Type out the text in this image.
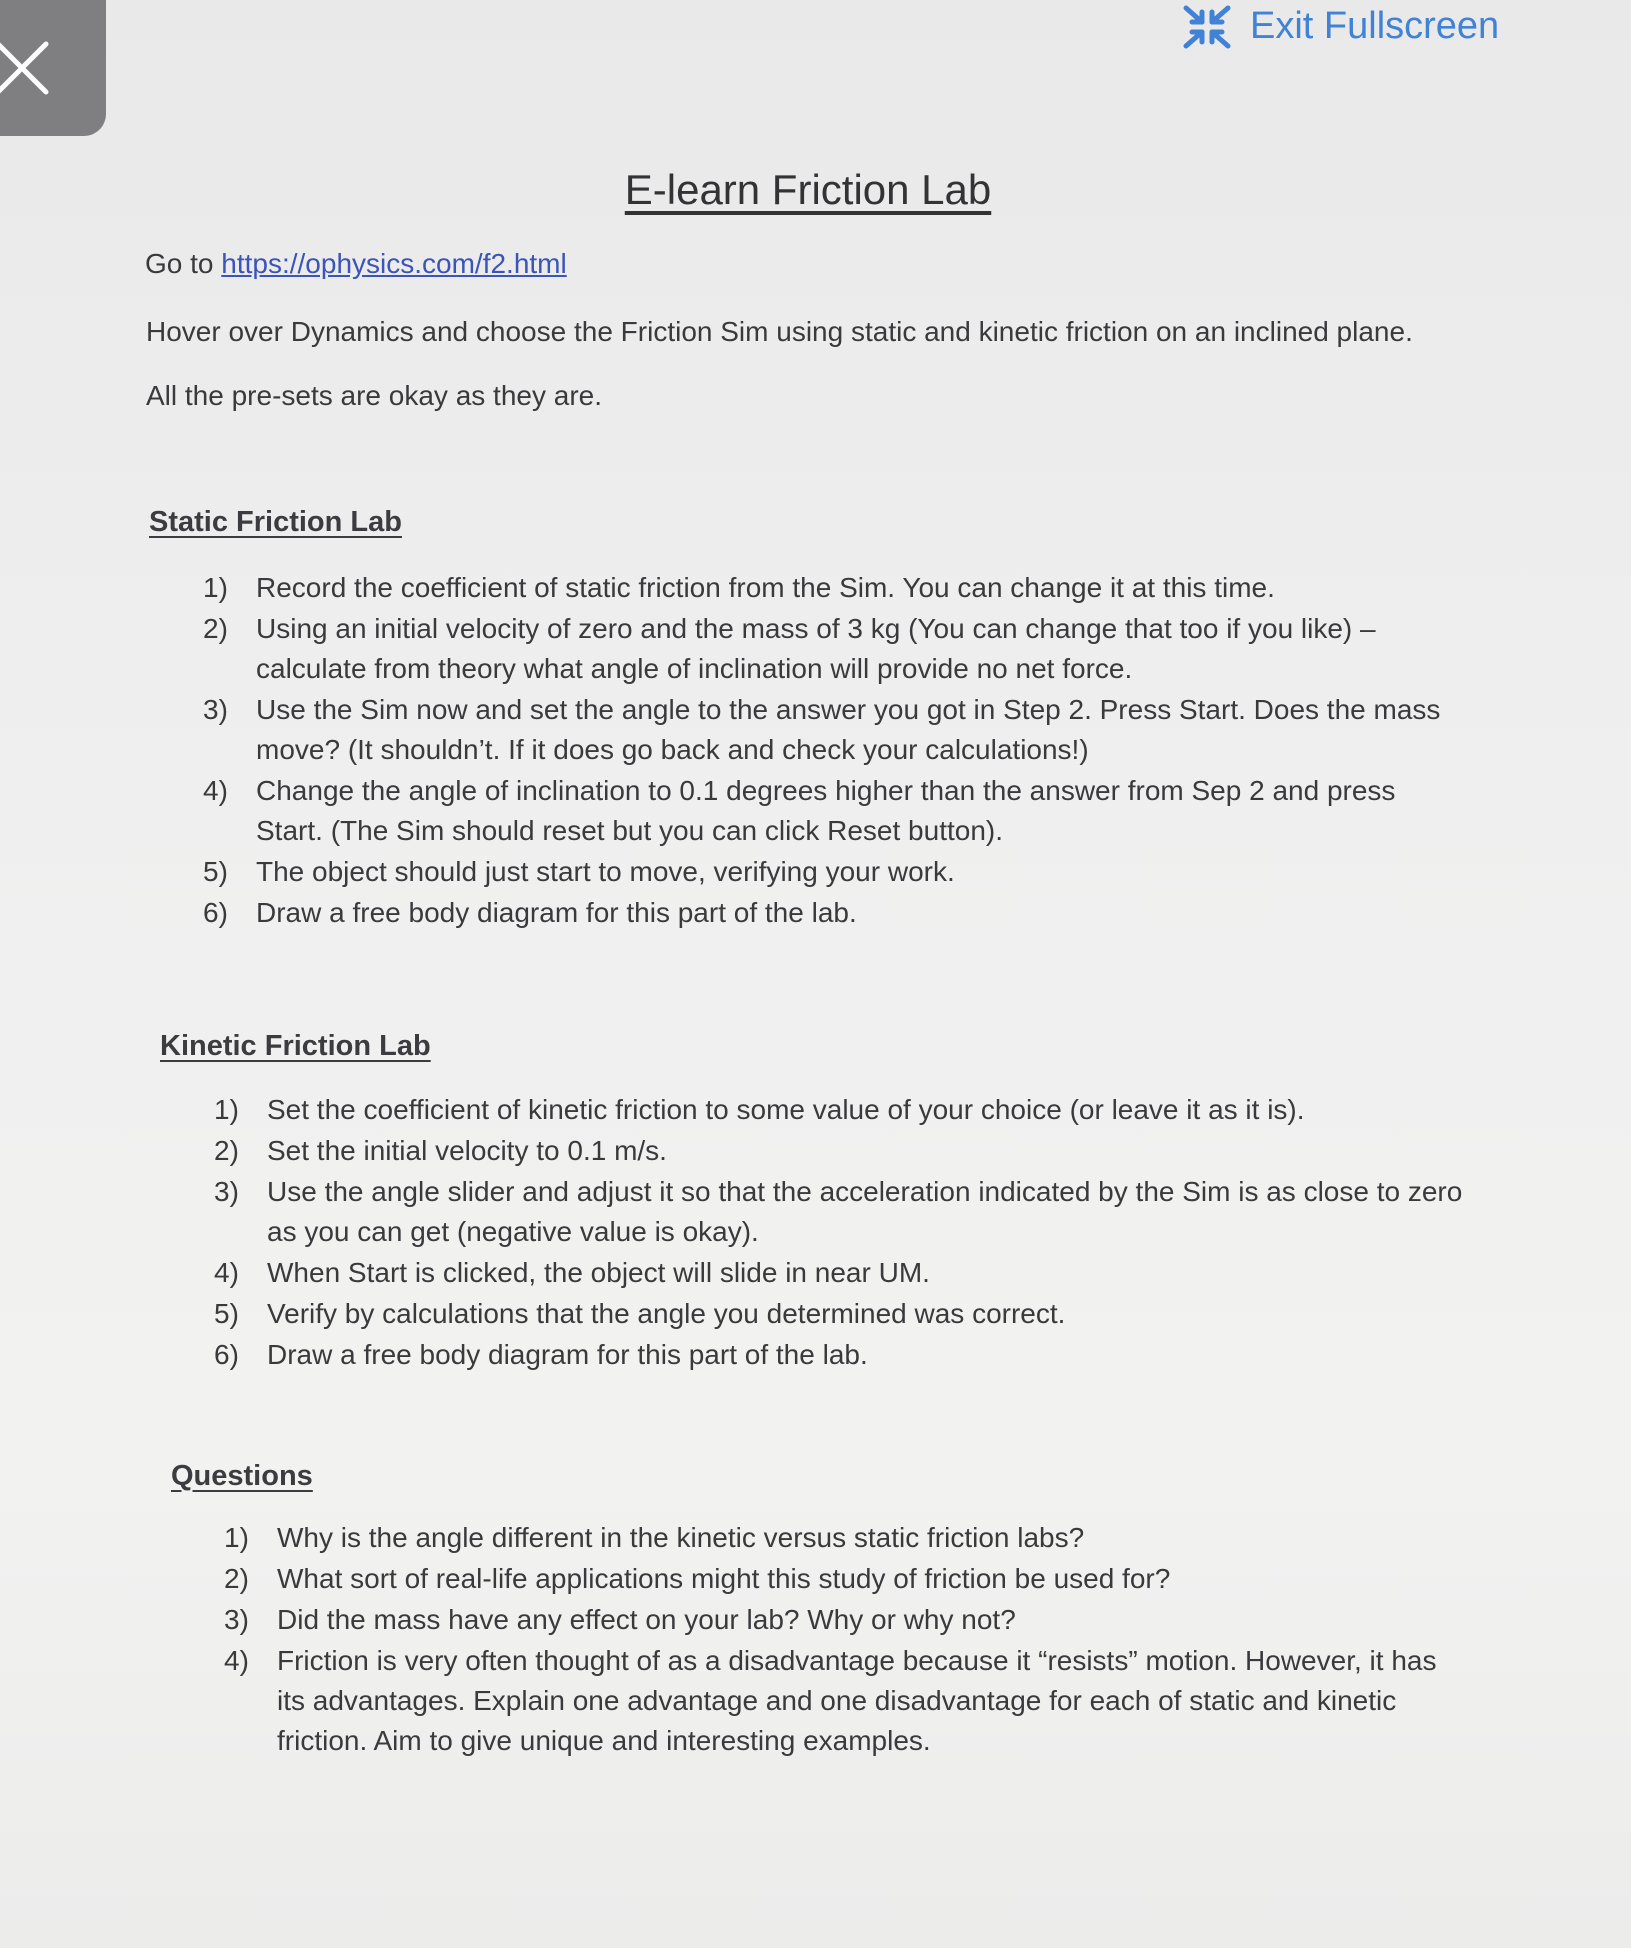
Exit Fullscreen
E-learn Friction Lab
Go to https://ophysics.com/f2.html
Hover over Dynamics and choose the Friction Sim using static and kinetic friction on an inclined plane.
All the pre-sets are okay as they are.
Static Friction Lab
1) Record the coefficient of static friction from the Sim. You can change it at this time.
2) Using an initial velocity of zero and the mass of 3 kg (You can change that too if you like) – calculate from theory what angle of inclination will provide no net force.
3) Use the Sim now and set the angle to the answer you got in Step 2. Press Start. Does the mass move? (It shouldn’t. If it does go back and check your calculations!)
4) Change the angle of inclination to 0.1 degrees higher than the answer from Sep 2 and press Start. (The Sim should reset but you can click Reset button).
5) The object should just start to move, verifying your work.
6) Draw a free body diagram for this part of the lab.
Kinetic Friction Lab
1) Set the coefficient of kinetic friction to some value of your choice (or leave it as it is).
2) Set the initial velocity to 0.1 m/s.
3) Use the angle slider and adjust it so that the acceleration indicated by the Sim is as close to zero as you can get (negative value is okay).
4) When Start is clicked, the object will slide in near UM.
5) Verify by calculations that the angle you determined was correct.
6) Draw a free body diagram for this part of the lab.
Questions
1) Why is the angle different in the kinetic versus static friction labs?
2) What sort of real-life applications might this study of friction be used for?
3) Did the mass have any effect on your lab? Why or why not?
4) Friction is very often thought of as a disadvantage because it “resists” motion. However, it has its advantages. Explain one advantage and one disadvantage for each of static and kinetic friction. Aim to give unique and interesting examples.
